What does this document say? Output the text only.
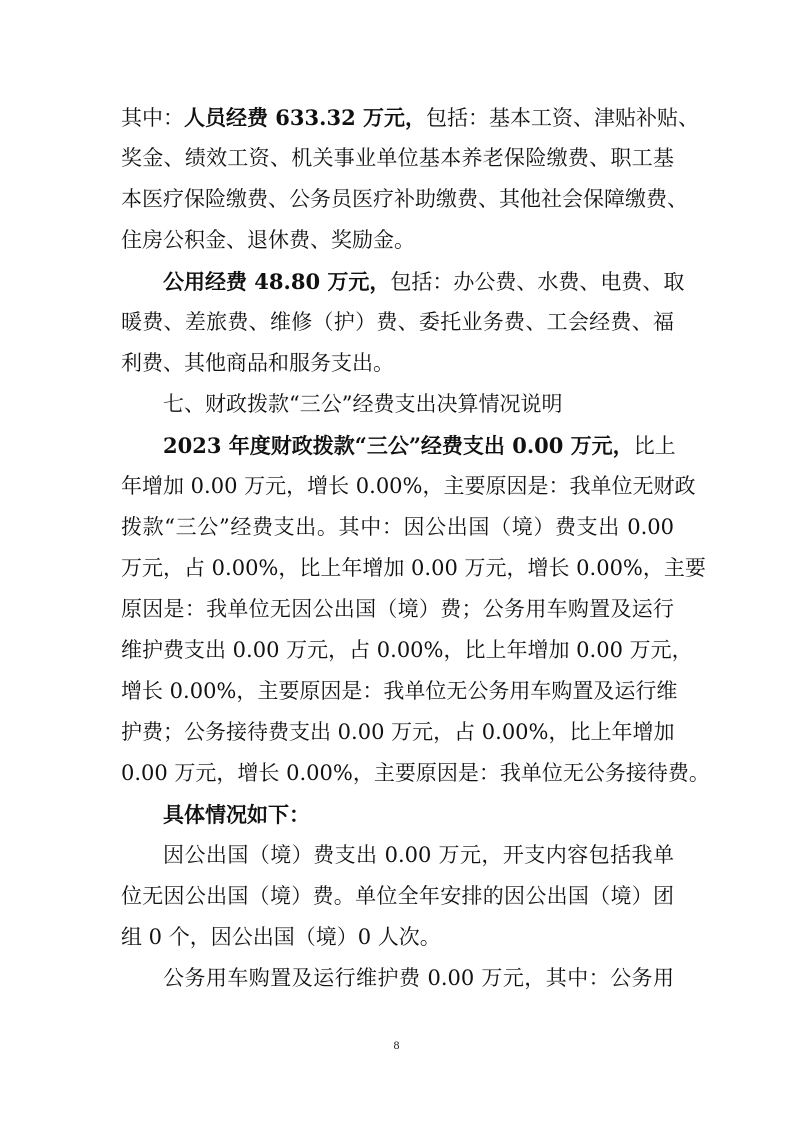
其中：人员经费 633.32 万元，包括：基本工资、津贴补贴、
奖金、绩效工资、机关事业单位基本养老保险缴费、职工基
本医疗保险缴费、公务员医疗补助缴费、其他社会保障缴费、
住房公积金、退休费、奖励金。
公用经费 48.80 万元，包括：办公费、水费、电费、取
暖费、差旅费、维修（护）费、委托业务费、工会经费、福
利费、其他商品和服务支出。
七、财政拨款“三公”经费支出决算情况说明
2023 年度财政拨款“三公”经费支出 0.00 万元，比上
年增加 0.00 万元，增长 0.00%，主要原因是：我单位无财政
拨款“三公”经费支出。其中：因公出国（境）费支出 0.00
万元，占 0.00%，比上年增加 0.00 万元，增长 0.00%，主要
原因是：我单位无因公出国（境）费；公务用车购置及运行
维护费支出 0.00 万元，占 0.00%，比上年增加 0.00 万元，
增长 0.00%，主要原因是：我单位无公务用车购置及运行维
护费；公务接待费支出 0.00 万元，占 0.00%，比上年增加
0.00 万元，增长 0.00%，主要原因是：我单位无公务接待费。
具体情况如下：
因公出国（境）费支出 0.00 万元，开支内容包括我单
位无因公出国（境）费。单位全年安排的因公出国（境）团
组 0 个，因公出国（境）0 人次。
公务用车购置及运行维护费 0.00 万元，其中：公务用
8
